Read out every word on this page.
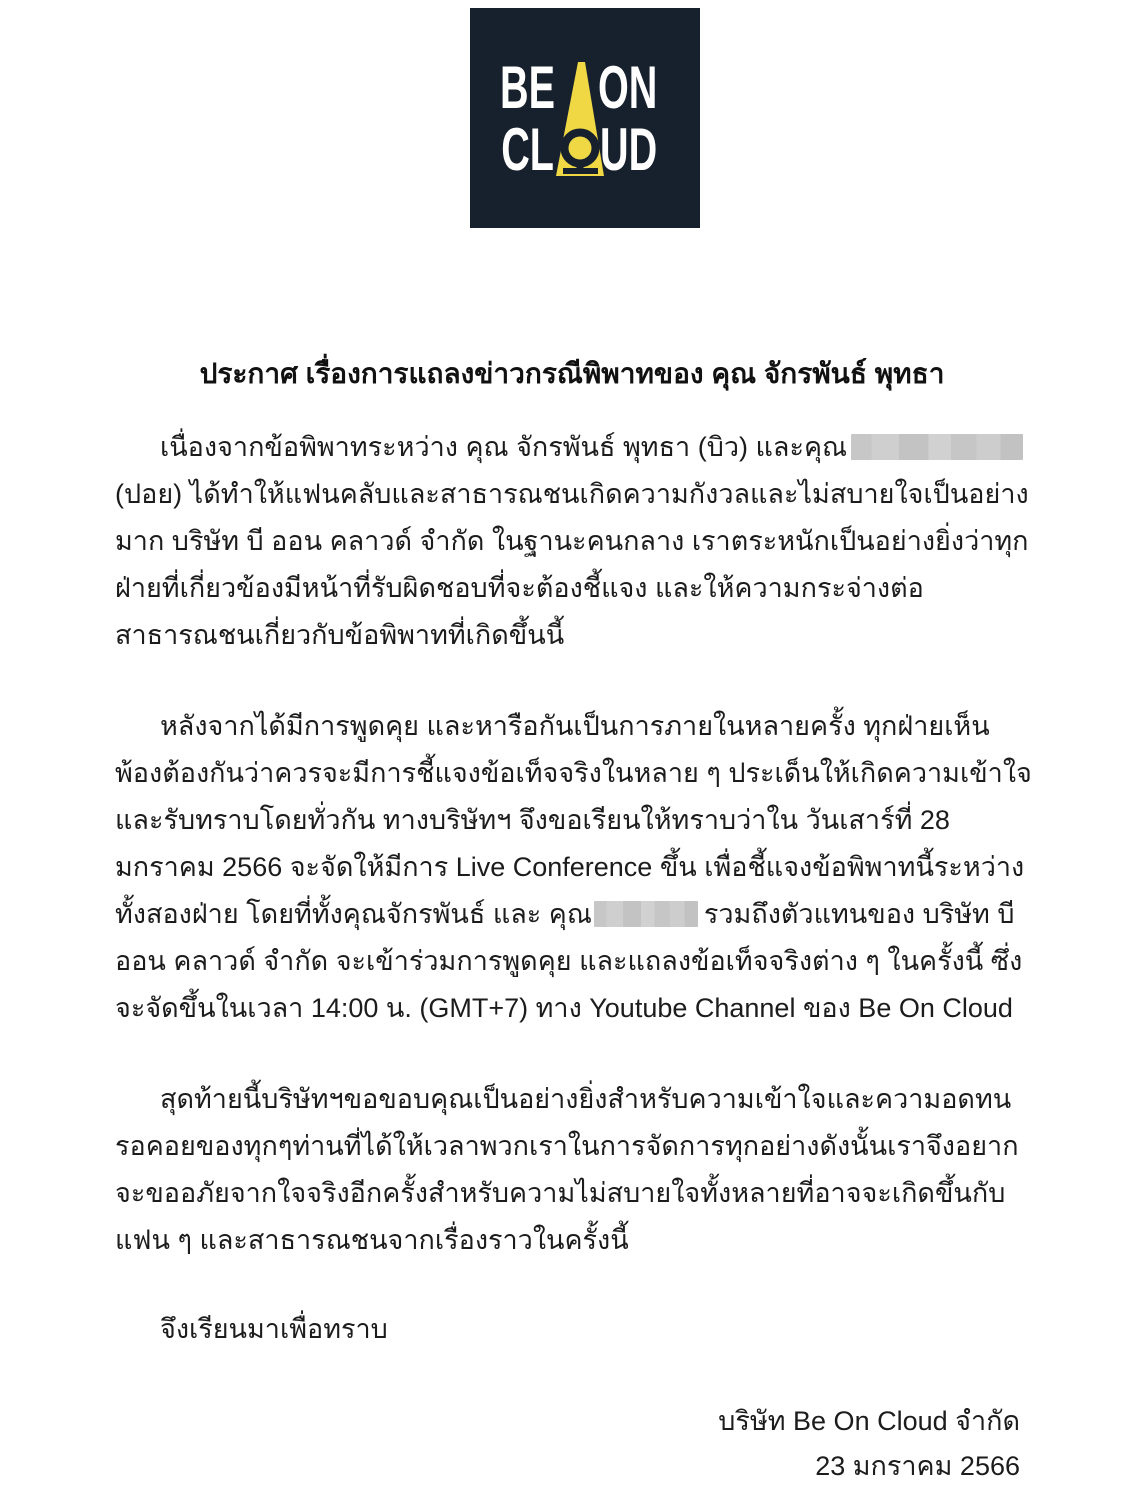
BE ON
CL UD
ประกาศ เรื่องการแถลงข่าวกรณีพิพาทของ คุณ จักรพันธ์ พุทธา

เนื่องจากข้อพิพาทระหว่าง คุณ จักรพันธ์ พุทธา (บิว) และคุณ(ปอย) ได้ทำให้แฟนคลับและสาธารณชนเกิดความกังวลและไม่สบายใจเป็นอย่างมาก บริษัท บี ออน คลาวด์ จำกัด ในฐานะคนกลาง เราตระหนักเป็นอย่างยิ่งว่าทุกฝ่ายที่เกี่ยวข้องมีหน้าที่รับผิดชอบที่จะต้องชี้แจง และให้ความกระจ่างต่อสาธารณชนเกี่ยวกับข้อพิพาทที่เกิดขึ้นนี้

หลังจากได้มีการพูดคุย และหารือกันเป็นการภายในหลายครั้ง ทุกฝ่ายเห็นพ้องต้องกันว่าควรจะมีการชี้แจงข้อเท็จจริงในหลาย ๆ ประเด็นให้เกิดความเข้าใจ และรับทราบโดยทั่วกัน ทางบริษัทฯ จึงขอเรียนให้ทราบว่าใน วันเสาร์ที่ 28 มกราคม 2566 จะจัดให้มีการ Live Conference ขึ้น เพื่อชี้แจงข้อพิพาทนี้ระหว่างทั้งสองฝ่าย โดยที่ทั้งคุณจักรพันธ์ และ คุณ	รวมถึงตัวแทนของ บริษัท บี ออน คลาวด์ จำกัด จะเข้าร่วมการพูดคุย และแถลงข้อเท็จจริงต่าง ๆ ในครั้งนี้ ซึ่งจะจัดขึ้นในเวลา 14:00 น. (GMT+7) ทาง Youtube Channel ของ Be On Cloud

สุดท้ายนี้บริษัทฯขอขอบคุณเป็นอย่างยิ่งสำหรับความเข้าใจและความอดทนรอคอยของทุกๆท่านที่ได้ให้เวลาพวกเราในการจัดการทุกอย่างดังนั้นเราจึงอยากจะขออภัยจากใจจริงอีกครั้งสำหรับความไม่สบายใจทั้งหลายที่อาจจะเกิดขึ้นกับแฟน ๆ และสาธารณชนจากเรื่องราวในครั้งนี้

จึงเรียนมาเพื่อทราบ

บริษัท Be On Cloud จำกัด
23 มกราคม 2566
